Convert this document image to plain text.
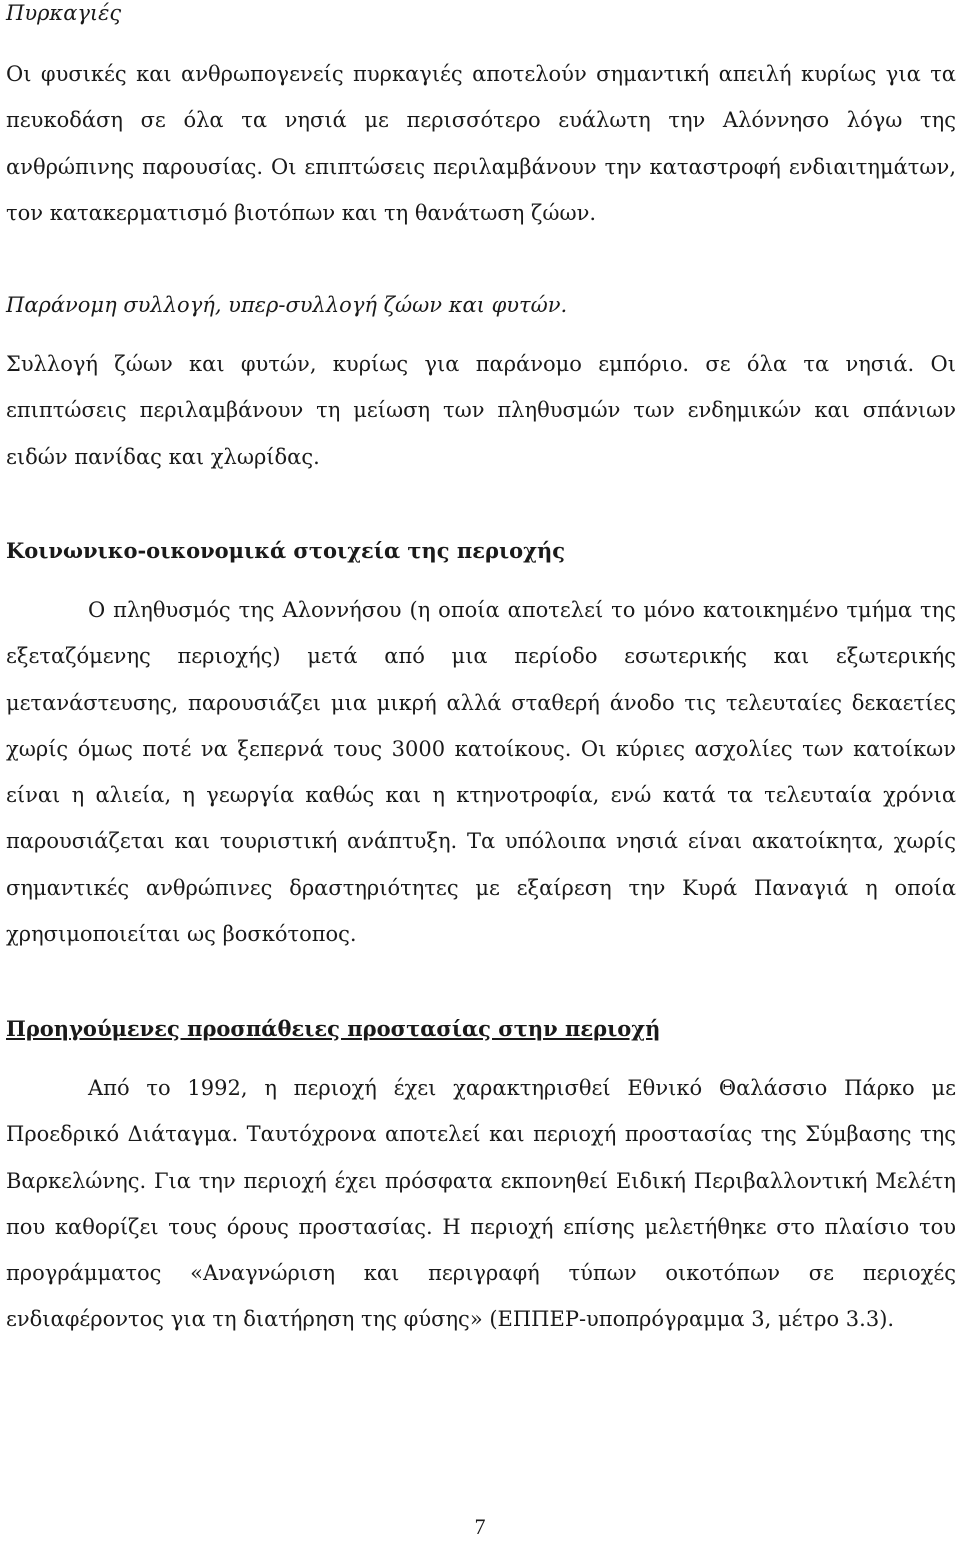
Πυρκαγιές

Οι φυσικές και ανθρωπογενείς πυρκαγιές αποτελούν σημαντική απειλή κυρίως για τα πευκοδάση σε όλα τα νησιά με περισσότερο ευάλωτη την Αλόννησο λόγω της ανθρώπινης παρουσίας. Οι επιπτώσεις περιλαμβάνουν την καταστροφή ενδιαιτημάτων, τον κατακερματισμό βιοτόπων και τη θανάτωση ζώων.

Παράνομη συλλογή, υπερ-συλλογή ζώων και φυτών.

Συλλογή ζώων και φυτών, κυρίως για παράνομο εμπόριο. σε όλα τα νησιά. Οι επιπτώσεις περιλαμβάνουν τη μείωση των πληθυσμών των ενδημικών και σπάνιων ειδών πανίδας και χλωρίδας.

Κοινωνικο-οικονομικά στοιχεία της περιοχής

Ο πληθυσμός της Αλοννήσου (η οποία αποτελεί το μόνο κατοικημένο τμήμα της εξεταζόμενης περιοχής) μετά από μια περίοδο εσωτερικής και εξωτερικής μετανάστευσης, παρουσιάζει μια μικρή αλλά σταθερή άνοδο τις τελευταίες δεκαετίες χωρίς όμως ποτέ να ξεπερνά τους 3000 κατοίκους. Οι κύριες ασχολίες των κατοίκων είναι η αλιεία, η γεωργία καθώς και η κτηνοτροφία, ενώ κατά τα τελευταία χρόνια παρουσιάζεται και τουριστική ανάπτυξη. Τα υπόλοιπα νησιά είναι ακατοίκητα, χωρίς σημαντικές ανθρώπινες δραστηριότητες με εξαίρεση την Κυρά Παναγιά η οποία χρησιμοποιείται ως βοσκότοπος.

Προηγούμενες προσπάθειες προστασίας στην περιοχή

Από το 1992, η περιοχή έχει χαρακτηρισθεί Εθνικό Θαλάσσιο Πάρκο με Προεδρικό Διάταγμα. Ταυτόχρονα αποτελεί και περιοχή προστασίας της Σύμβασης της Βαρκελώνης. Για την περιοχή έχει πρόσφατα εκπονηθεί Ειδική Περιβαλλοντική Μελέτη που καθορίζει τους όρους προστασίας. Η περιοχή επίσης μελετήθηκε στο πλαίσιο του προγράμματος «Αναγνώριση και περιγραφή τύπων οικοτόπων σε περιοχές ενδιαφέροντος για τη διατήρηση της φύσης» (ΕΠΠΕΡ-υποπρόγραμμα 3, μέτρο 3.3).

7
